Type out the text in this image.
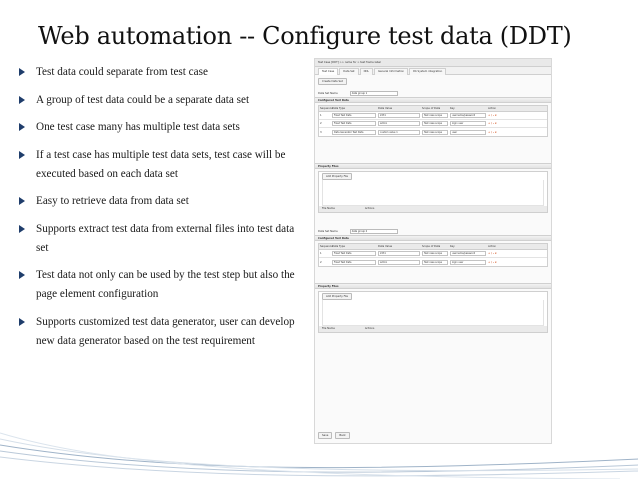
Web automation -- Configure test data (DDT)
Test data could separate from test case
A group of test data could be a separate data set
One test case many has multiple test data sets
If a test case has multiple test data sets, test case will be executed based on each data set
Easy to retrieve data from data set
Supports extract test data from external files into test data set
Test data not only can be used by the test step but also the page element configuration
Supports customized test data generator, user can develop new data generator based on the test requirement
Test Case [DDT] >> name for > test frame label
Test Case	Data Set	DDL	General Information	Db System integration
Create Data Set
Data Set Name	data group 1
Configured Test Data
Sequence Data Type	Data Value	Scope of Data	Key	Action
1	Fixed Test Data	2231	Test case scope	username/password	+ / - x
2	Fixed Test Data	admin	Test case scope	login user	+ / - x
3	Data Generator Test Data	custom value 1	Test case scope	user	+ / - x
Property Files
Add Property File
File Name	Actions
Data Set Name	data group 2
Configured Test Data
Sequence Data Type	Data Value	Scope of Data	Key	Action
1	Fixed Test Data	2231	Test case scope	username/password	+ / - x
2	Fixed Test Data	admin	Test case scope	login user	+ / - x
Property Files
Add Property File
File Name	Actions
Save	Back
